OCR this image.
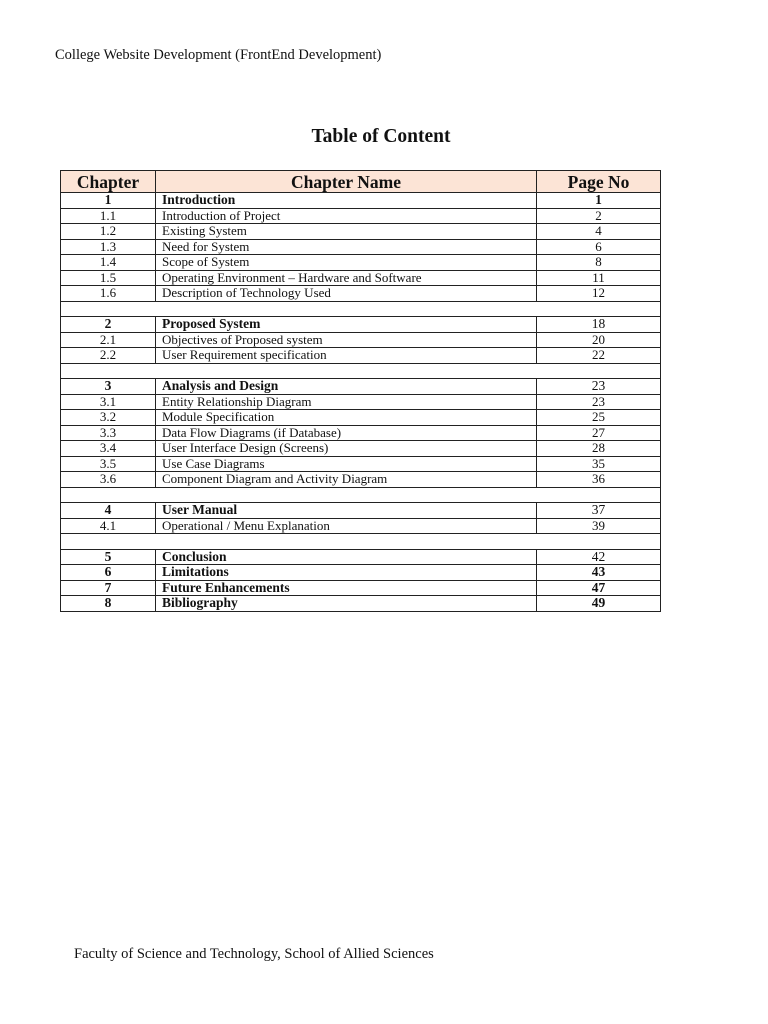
College Website Development (FrontEnd Development)
Table of Content
Chapter	Chapter Name	Page No
1	Introduction	1
1.1	Introduction of Project	2
1.2	Existing System	4
1.3	Need for System	6
1.4	Scope of System	8
1.5	Operating Environment – Hardware and Software	11
1.6	Description of Technology Used	12

2	Proposed System	18
2.1	Objectives of Proposed system	20
2.2	User Requirement specification	22

3	Analysis and Design	23
3.1	Entity Relationship Diagram	23
3.2	Module Specification	25
3.3	Data Flow Diagrams (if Database)	27
3.4	User Interface Design (Screens)	28
3.5	Use Case Diagrams	35
3.6	Component Diagram and Activity Diagram	36

4	User Manual	37
4.1	Operational / Menu Explanation	39

5	Conclusion	42
6	Limitations	43
7	Future Enhancements	47
8	Bibliography	49
Faculty of Science and Technology, School of Allied Sciences
